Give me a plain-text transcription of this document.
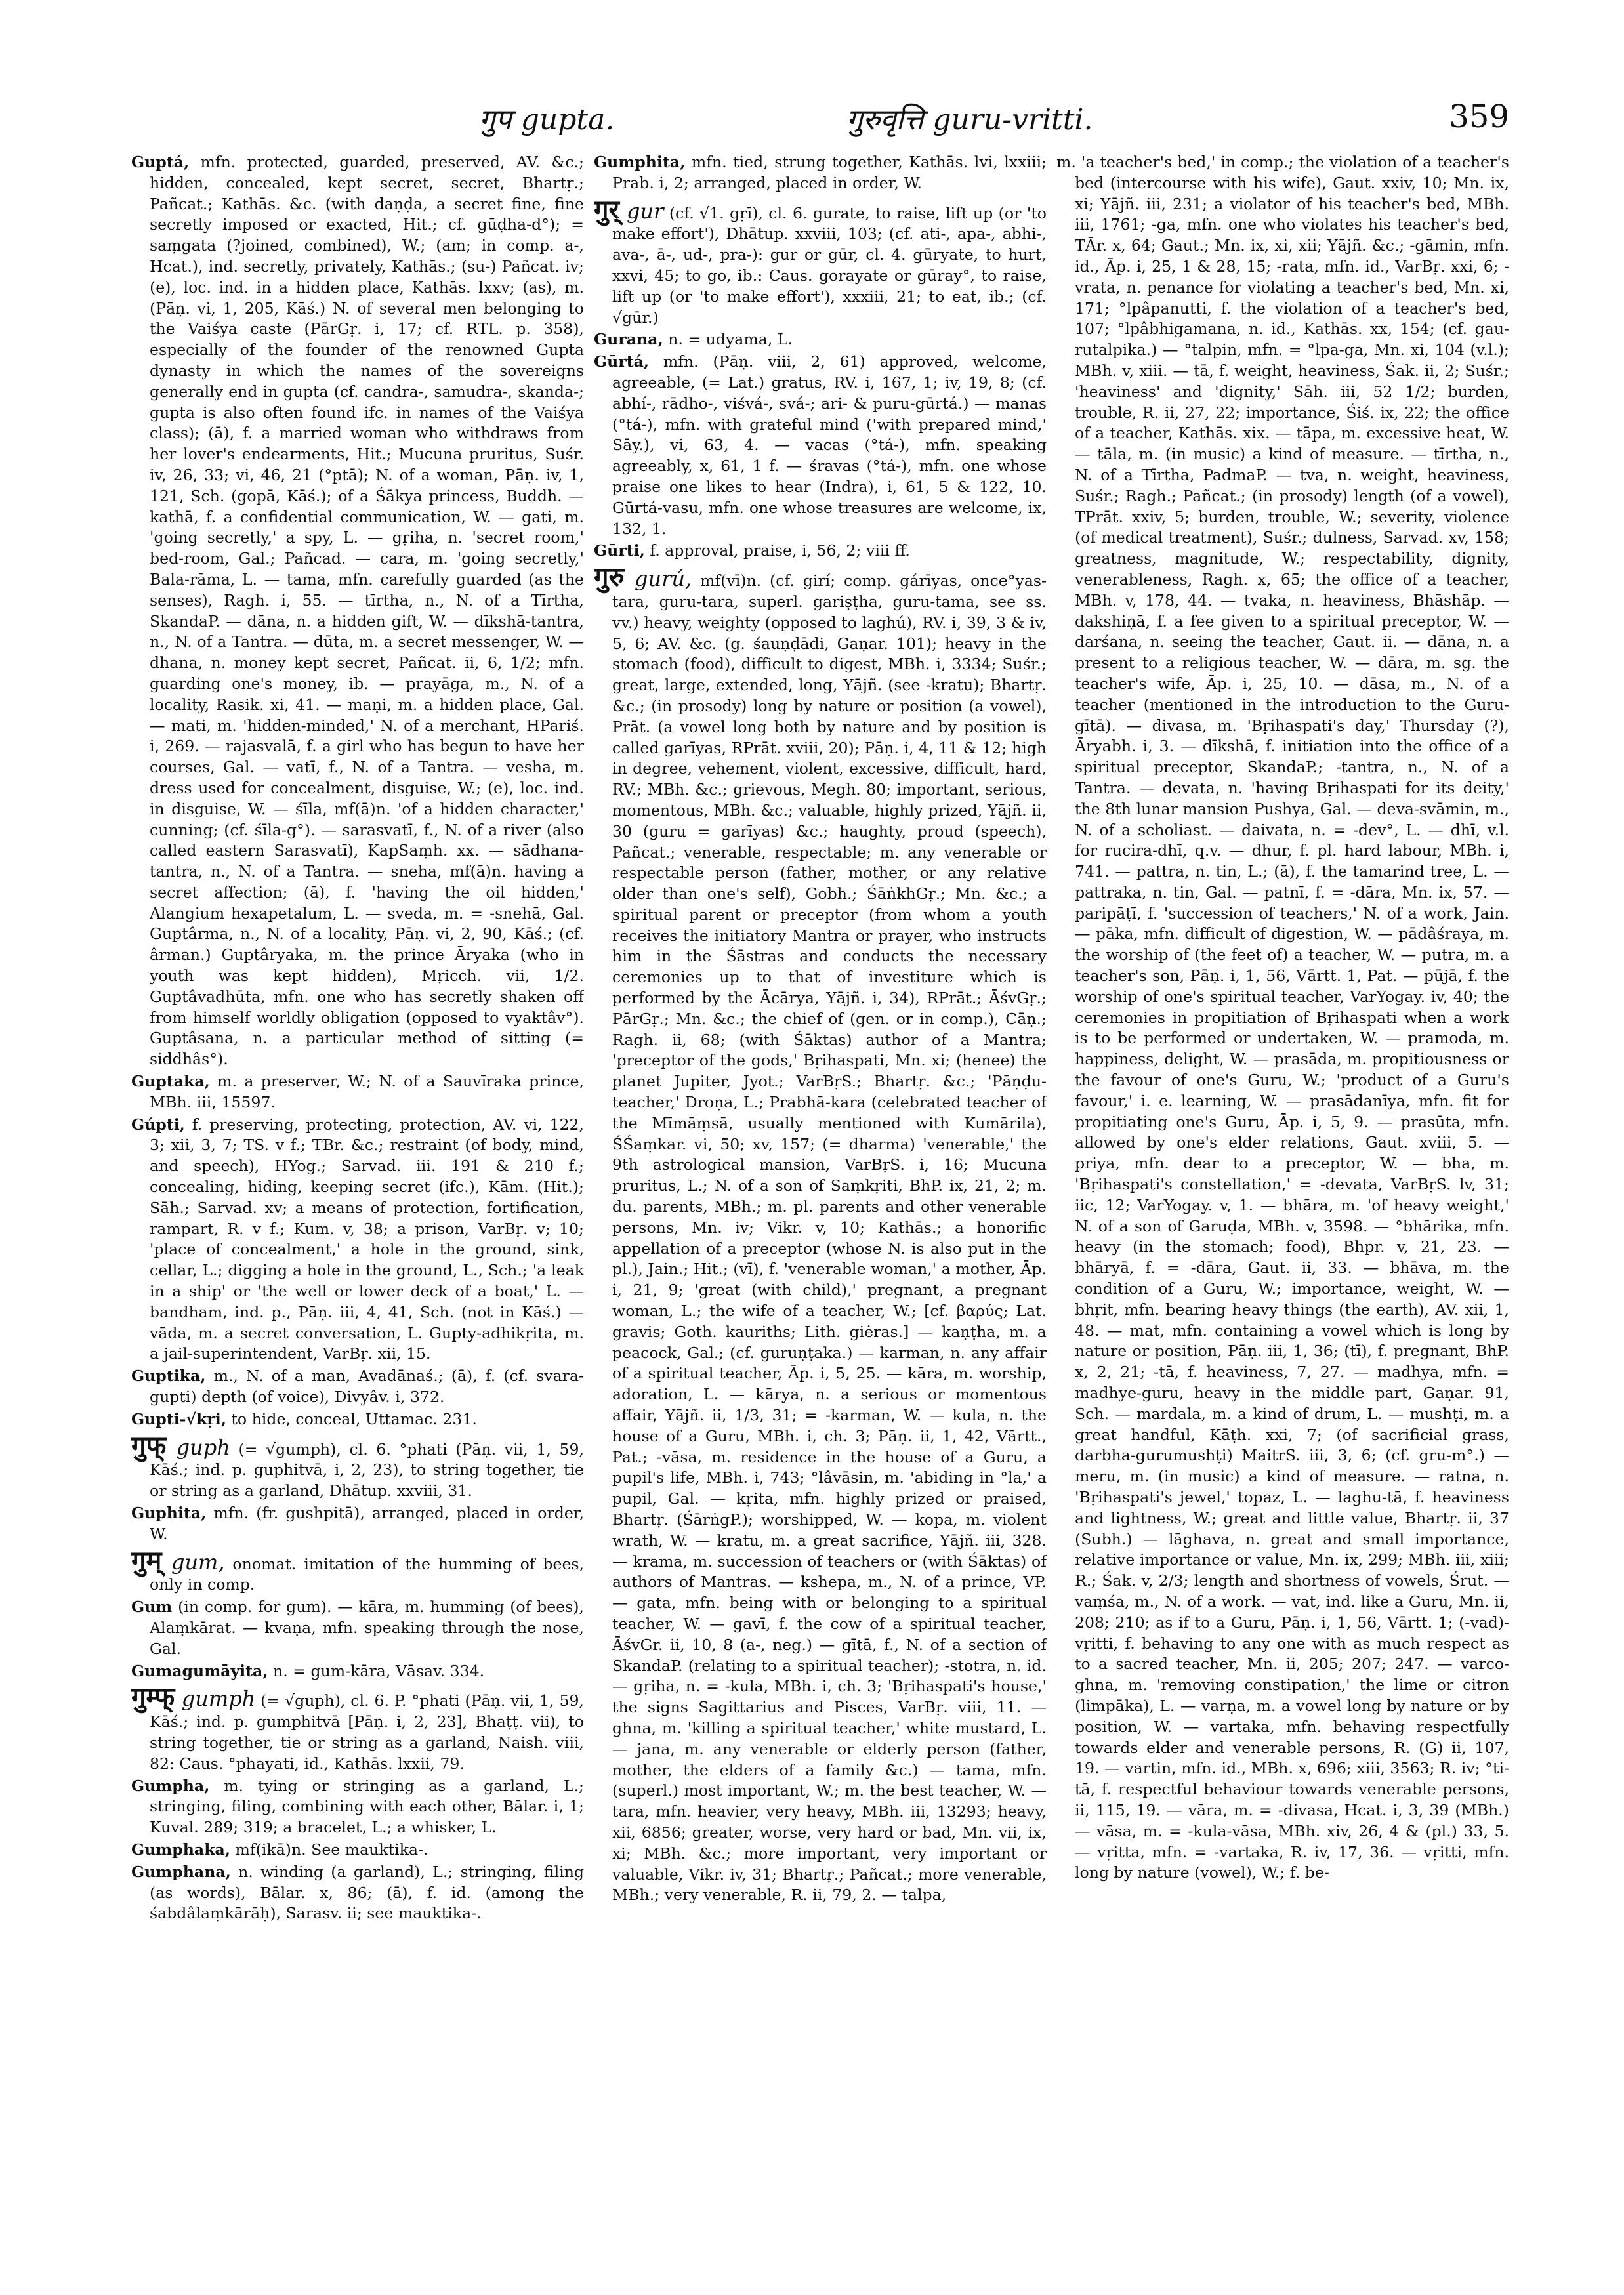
गुप gupta.	गुरुवृत्ति guru-vritti.	359

Guptá, mfn. protected, guarded, preserved, AV. &c.; hidden, concealed, kept secret, secret, Bhartṛ.; Pañcat.; Kathās. &c. (with daṇḍa, a secret fine, fine secretly imposed or exacted, Hit.; cf. gūḍha-d°); = saṃgata (?joined, combined), W.; (am; in comp. a-, Hcat.), ind. secretly, privately, Kathās.; (su-) Pañcat. iv; (e), loc. ind. in a hidden place, Kathās. lxxv; (as), m. (Pāṇ. vi, 1, 205, Kāś.) N. of several men belonging to the Vaiśya caste (PārGṛ. i, 17; cf. RTL. p. 358), especially of the founder of the renowned Gupta dynasty in which the names of the sovereigns generally end in gupta (cf. candra-, samudra-, skanda-; gupta is also often found ifc. in names of the Vaiśya class); (ā), f. a married woman who withdraws from her lover's endearments, Hit.; Mucuna pruritus, Suśr. iv, 26, 33; vi, 46, 21 (°ptā); N. of a woman, Pāṇ. iv, 1, 121, Sch. (gopā, Kāś.); of a Śākya princess, Buddh. — kathā, f. a confidential communication, W. — gati, m. 'going secretly,' a spy, L. — gṛiha, n. 'secret room,' bed-room, Gal.; Pañcad. — cara, m. 'going secretly,' Bala-rāma, L. — tama, mfn. carefully guarded (as the senses), Ragh. i, 55. — tīrtha, n., N. of a Tīrtha, SkandaP. — dāna, n. a hidden gift, W. — dīkshā-tantra, n., N. of a Tantra. — dūta, m. a secret messenger, W. — dhana, n. money kept secret, Pañcat. ii, 6, 1/2; mfn. guarding one's money, ib. — prayāga, m., N. of a locality, Rasik. xi, 41. — maṇi, m. a hidden place, Gal. — mati, m. 'hidden-minded,' N. of a merchant, HPariś. i, 269. — rajasvalā, f. a girl who has begun to have her courses, Gal. — vatī, f., N. of a Tantra. — vesha, m. dress used for concealment, disguise, W.; (e), loc. ind. in disguise, W. — śīla, mf(ā)n. 'of a hidden character,' cunning; (cf. śīla-g°). — sarasvatī, f., N. of a river (also called eastern Sarasvatī), KapSaṃh. xx. — sādhana-tantra, n., N. of a Tantra. — sneha, mf(ā)n. having a secret affection; (ā), f. 'having the oil hidden,' Alangium hexapetalum, L. — sveda, m. = -snehā, Gal. Guptârma, n., N. of a locality, Pāṇ. vi, 2, 90, Kāś.; (cf. ârman.) Guptâryaka, m. the prince Āryaka (who in youth was kept hidden), Mṛicch. vii, 1/2. Guptâvadhūta, mfn. one who has secretly shaken off from himself worldly obligation (opposed to vyaktâv°). Guptâsana, n. a particular method of sitting (= siddhâs°).

Guptaka, m. a preserver, W.; N. of a Sauvīraka prince, MBh. iii, 15597.

Gúpti, f. preserving, protecting, protection, AV. vi, 122, 3; xii, 3, 7; TS. v f.; TBr. &c.; restraint (of body, mind, and speech), HYog.; Sarvad. iii. 191 & 210 f.; concealing, hiding, keeping secret (ifc.), Kām. (Hit.); Sāh.; Sarvad. xv; a means of protection, fortification, rampart, R. v f.; Kum. v, 38; a prison, VarBṛ. v; 10; 'place of concealment,' a hole in the ground, sink, cellar, L.; digging a hole in the ground, L., Sch.; 'a leak in a ship' or 'the well or lower deck of a boat,' L. — bandham, ind. p., Pāṇ. iii, 4, 41, Sch. (not in Kāś.) — vāda, m. a secret conversation, L. Gupty-adhikṛita, m. a jail-superintendent, VarBṛ. xii, 15.

Guptika, m., N. of a man, Avadānaś.; (ā), f. (cf. svara-gupti) depth (of voice), Divyâv. i, 372.

Gupti-√kṛi, to hide, conceal, Uttamac. 231.

गुफ् guph (= √gumph), cl. 6. °phati (Pāṇ. vii, 1, 59, Kāś.; ind. p. guphitvā, i, 2, 23), to string together, tie or string as a garland, Dhātup. xxviii, 31.

Guphita, mfn. (fr. gushpitā), arranged, placed in order, W.

गुम् gum, onomat. imitation of the humming of bees, only in comp.

Gum (in comp. for gum). — kāra, m. humming (of bees), Alaṃkārat. — kvaṇa, mfn. speaking through the nose, Gal.

Gumagumāyita, n. = gum-kāra, Vāsav. 334.

गुम्फ् gumph (= √guph), cl. 6. P. °phati (Pāṇ. vii, 1, 59, Kāś.; ind. p. gumphitvā [Pāṇ. i, 2, 23], Bhaṭṭ. vii), to string together, tie or string as a garland, Naish. viii, 82: Caus. °phayati, id., Kathās. lxxii, 79.

Gumpha, m. tying or stringing as a garland, L.; stringing, filing, combining with each other, Bālar. i, 1; Kuval. 289; 319; a bracelet, L.; a whisker, L.

Gumphaka, mf(ikā)n. See mauktika-.

Gumphana, n. winding (a garland), L.; stringing, filing (as words), Bālar. x, 86; (ā), f. id. (among the śabdâlaṃkārāḥ), Sarasv. ii; see mauktika-.

Gumphita, mfn. tied, strung together, Kathās. lvi, lxxiii; Prab. i, 2; arranged, placed in order, W.

गुर् gur (cf. √1. gṛī), cl. 6. gurate, to raise, lift up (or 'to make effort'), Dhātup. xxviii, 103; (cf. ati-, apa-, abhi-, ava-, ā-, ud-, pra-): gur or gūr, cl. 4. gūryate, to hurt, xxvi, 45; to go, ib.: Caus. gorayate or gūray°, to raise, lift up (or 'to make effort'), xxxiii, 21; to eat, ib.; (cf. √gūr.)

Gurana, n. = udyama, L.

Gūrtá, mfn. (Pāṇ. viii, 2, 61) approved, welcome, agreeable, (= Lat.) gratus, RV. i, 167, 1; iv, 19, 8; (cf. abhí-, rādho-, viśvá-, svá-; ari- & puru-gūrtá.) — manas (°tá-), mfn. with grateful mind ('with prepared mind,' Sāy.), vi, 63, 4. — vacas (°tá-), mfn. speaking agreeably, x, 61, 1 f. — śravas (°tá-), mfn. one whose praise one likes to hear (Indra), i, 61, 5 & 122, 10. Gūrtá-vasu, mfn. one whose treasures are welcome, ix, 132, 1.

Gūrti, f. approval, praise, i, 56, 2; viii ff.

गुरु gurú, mf(vī)n. (cf. girí; comp. gárīyas, once°yas-tara, guru-tara, superl. gariṣṭha, guru-tama, see ss. vv.) heavy, weighty (opposed to laghú), RV. i, 39, 3 & iv, 5, 6; AV. &c. (g. śauṇḍādi, Gaṇar. 101); heavy in the stomach (food), difficult to digest, MBh. i, 3334; Suśr.; great, large, extended, long, Yājñ. (see -kratu); Bhartṛ. &c.; (in prosody) long by nature or position (a vowel), Prāt. (a vowel long both by nature and by position is called garīyas, RPrāt. xviii, 20); Pāṇ. i, 4, 11 & 12; high in degree, vehement, violent, excessive, difficult, hard, RV.; MBh. &c.; grievous, Megh. 80; important, serious, momentous, MBh. &c.; valuable, highly prized, Yājñ. ii, 30 (guru = garīyas) &c.; haughty, proud (speech), Pañcat.; venerable, respectable; m. any venerable or respectable person (father, mother, or any relative older than one's self), Gobh.; ŚāṅkhGṛ.; Mn. &c.; a spiritual parent or preceptor (from whom a youth receives the initiatory Mantra or prayer, who instructs him in the Śāstras and conducts the necessary ceremonies up to that of investiture which is performed by the Ācārya, Yājñ. i, 34), RPrāt.; ĀśvGṛ.; PārGṛ.; Mn. &c.; the chief of (gen. or in comp.), Cāṇ.; Ragh. ii, 68; (with Śāktas) author of a Mantra; 'preceptor of the gods,' Bṛihaspati, Mn. xi; (henee) the planet Jupiter, Jyot.; VarBṛS.; Bhartṛ. &c.; 'Pāṇḍu-teacher,' Droṇa, L.; Prabhā-kara (celebrated teacher of the Mīmāṃsā, usually mentioned with Kumārila), ŚŚaṃkar. vi, 50; xv, 157; (= dharma) 'venerable,' the 9th astrological mansion, VarBṛS. i, 16; Mucuna pruritus, L.; N. of a son of Saṃkṛiti, BhP. ix, 21, 2; m. du. parents, MBh.; m. pl. parents and other venerable persons, Mn. iv; Vikr. v, 10; Kathās.; a honorific appellation of a preceptor (whose N. is also put in the pl.), Jain.; Hit.; (vī), f. 'venerable woman,' a mother, Āp. i, 21, 9; 'great (with child),' pregnant, a pregnant woman, L.; the wife of a teacher, W.; [cf. βαρύς; Lat. gravis; Goth. kauriths; Lith. giėras.] — kaṇṭha, m. a peacock, Gal.; (cf. guruṇṭaka.) — karman, n. any affair of a spiritual teacher, Āp. i, 5, 25. — kāra, m. worship, adoration, L. — kārya, n. a serious or momentous affair, Yājñ. ii, 1/3, 31; = -karman, W. — kula, n. the house of a Guru, MBh. i, ch. 3; Pāṇ. ii, 1, 42, Vārtt., Pat.; -vāsa, m. residence in the house of a Guru, a pupil's life, MBh. i, 743; °lâvāsin, m. 'abiding in °la,' a pupil, Gal. — kṛita, mfn. highly prized or praised, Bhartṛ. (ŚārṅgP.); worshipped, W. — kopa, m. violent wrath, W. — kratu, m. a great sacrifice, Yājñ. iii, 328. — krama, m. succession of teachers or (with Śāktas) of authors of Mantras. — kshepa, m., N. of a prince, VP. — gata, mfn. being with or belonging to a spiritual teacher, W. — gavī, f. the cow of a spiritual teacher, ĀśvGr. ii, 10, 8 (a-, neg.) — gītā, f., N. of a section of SkandaP. (relating to a spiritual teacher); -stotra, n. id. — gṛiha, n. = -kula, MBh. i, ch. 3; 'Bṛihaspati's house,' the signs Sagittarius and Pisces, VarBṛ. viii, 11. — ghna, m. 'killing a spiritual teacher,' white mustard, L. — jana, m. any venerable or elderly person (father, mother, the elders of a family &c.) — tama, mfn. (superl.) most important, W.; m. the best teacher, W. — tara, mfn. heavier, very heavy, MBh. iii, 13293; heavy, xii, 6856; greater, worse, very hard or bad, Mn. vii, ix, xi; MBh. &c.; more important, very important or valuable, Vikr. iv, 31; Bhartṛ.; Pañcat.; more venerable, MBh.; very venerable, R. ii, 79, 2. — talpa,

m. 'a teacher's bed,' in comp.; the violation of a teacher's bed (intercourse with his wife), Gaut. xxiv, 10; Mn. ix, xi; Yājñ. iii, 231; a violator of his teacher's bed, MBh. iii, 1761; -ga, mfn. one who violates his teacher's bed, TĀr. x, 64; Gaut.; Mn. ix, xi, xii; Yājñ. &c.; -gāmin, mfn. id., Āp. i, 25, 1 & 28, 15; -rata, mfn. id., VarBṛ. xxi, 6; -vrata, n. penance for violating a teacher's bed, Mn. xi, 171; °lpâpanutti, f. the violation of a teacher's bed, 107; °lpâbhigamana, n. id., Kathās. xx, 154; (cf. gau-rutalpika.) — °talpin, mfn. = °lpa-ga, Mn. xi, 104 (v.l.); MBh. v, xiii. — tā, f. weight, heaviness, Śak. ii, 2; Suśr.; 'heaviness' and 'dignity,' Sāh. iii, 52 1/2; burden, trouble, R. ii, 27, 22; importance, Śiś. ix, 22; the office of a teacher, Kathās. xix. — tāpa, m. excessive heat, W. — tāla, m. (in music) a kind of measure. — tīrtha, n., N. of a Tīrtha, PadmaP. — tva, n. weight, heaviness, Suśr.; Ragh.; Pañcat.; (in prosody) length (of a vowel), TPrāt. xxiv, 5; burden, trouble, W.; severity, violence (of medical treatment), Suśr.; dulness, Sarvad. xv, 158; greatness, magnitude, W.; respectability, dignity, venerableness, Ragh. x, 65; the office of a teacher, MBh. v, 178, 44. — tvaka, n. heaviness, Bhāshāp. — dakshiṇā, f. a fee given to a spiritual preceptor, W. — darśana, n. seeing the teacher, Gaut. ii. — dāna, n. a present to a religious teacher, W. — dāra, m. sg. the teacher's wife, Āp. i, 25, 10. — dāsa, m., N. of a teacher (mentioned in the introduction to the Guru-gītā). — divasa, m. 'Bṛihaspati's day,' Thursday (?), Āryabh. i, 3. — dīkshā, f. initiation into the office of a spiritual preceptor, SkandaP.; -tantra, n., N. of a Tantra. — devata, n. 'having Bṛihaspati for its deity,' the 8th lunar mansion Pushya, Gal. — deva-svāmin, m., N. of a scholiast. — daivata, n. = -dev°, L. — dhī, v.l. for rucira-dhī, q.v. — dhur, f. pl. hard labour, MBh. i, 741. — pattra, n. tin, L.; (ā), f. the tamarind tree, L. — pattraka, n. tin, Gal. — patnī, f. = -dāra, Mn. ix, 57. — paripāṭī, f. 'succession of teachers,' N. of a work, Jain. — pāka, mfn. difficult of digestion, W. — pādâśraya, m. the worship of (the feet of) a teacher, W. — putra, m. a teacher's son, Pāṇ. i, 1, 56, Vārtt. 1, Pat. — pūjā, f. the worship of one's spiritual teacher, VarYogay. iv, 40; the ceremonies in propitiation of Bṛihaspati when a work is to be performed or undertaken, W. — pramoda, m. happiness, delight, W. — prasāda, m. propitiousness or the favour of one's Guru, W.; 'product of a Guru's favour,' i. e. learning, W. — prasādanīya, mfn. fit for propitiating one's Guru, Āp. i, 5, 9. — prasūta, mfn. allowed by one's elder relations, Gaut. xviii, 5. — priya, mfn. dear to a preceptor, W. — bha, m. 'Bṛihaspati's constellation,' = -devata, VarBṛS. lv, 31; iic, 12; VarYogay. v, 1. — bhāra, m. 'of heavy weight,' N. of a son of Garuḍa, MBh. v, 3598. — °bhārika, mfn. heavy (in the stomach; food), Bhpr. v, 21, 23. — bhāryā, f. = -dāra, Gaut. ii, 33. — bhāva, m. the condition of a Guru, W.; importance, weight, W. — bhṛit, mfn. bearing heavy things (the earth), AV. xii, 1, 48. — mat, mfn. containing a vowel which is long by nature or position, Pāṇ. iii, 1, 36; (tī), f. pregnant, BhP. x, 2, 21; -tā, f. heaviness, 7, 27. — madhya, mfn. = madhye-guru, heavy in the middle part, Gaṇar. 91, Sch. — mardala, m. a kind of drum, L. — mushṭi, m. a great handful, Kāṭh. xxi, 7; (of sacrificial grass, darbha-gurumushṭi) MaitrS. iii, 3, 6; (cf. gru-m°.) — meru, m. (in music) a kind of measure. — ratna, n. 'Bṛihaspati's jewel,' topaz, L. — laghu-tā, f. heaviness and lightness, W.; great and little value, Bhartṛ. ii, 37 (Subh.) — lāghava, n. great and small importance, relative importance or value, Mn. ix, 299; MBh. iii, xiii; R.; Śak. v, 2/3; length and shortness of vowels, Śrut. — vaṃśa, m., N. of a work. — vat, ind. like a Guru, Mn. ii, 208; 210; as if to a Guru, Pāṇ. i, 1, 56, Vārtt. 1; (-vad)-vṛitti, f. behaving to any one with as much respect as to a sacred teacher, Mn. ii, 205; 207; 247. — varco-ghna, m. 'removing constipation,' the lime or citron (limpāka), L. — varṇa, m. a vowel long by nature or by position, W. — vartaka, mfn. behaving respectfully towards elder and venerable persons, R. (G) ii, 107, 19. — vartin, mfn. id., MBh. x, 696; xiii, 3563; R. iv; °ti-tā, f. respectful behaviour towards venerable persons, ii, 115, 19. — vāra, m. = -divasa, Hcat. i, 3, 39 (MBh.) — vāsa, m. = -kula-vāsa, MBh. xiv, 26, 4 & (pl.) 33, 5. — vṛitta, mfn. = -vartaka, R. iv, 17, 36. — vṛitti, mfn. long by nature (vowel), W.; f. be-
